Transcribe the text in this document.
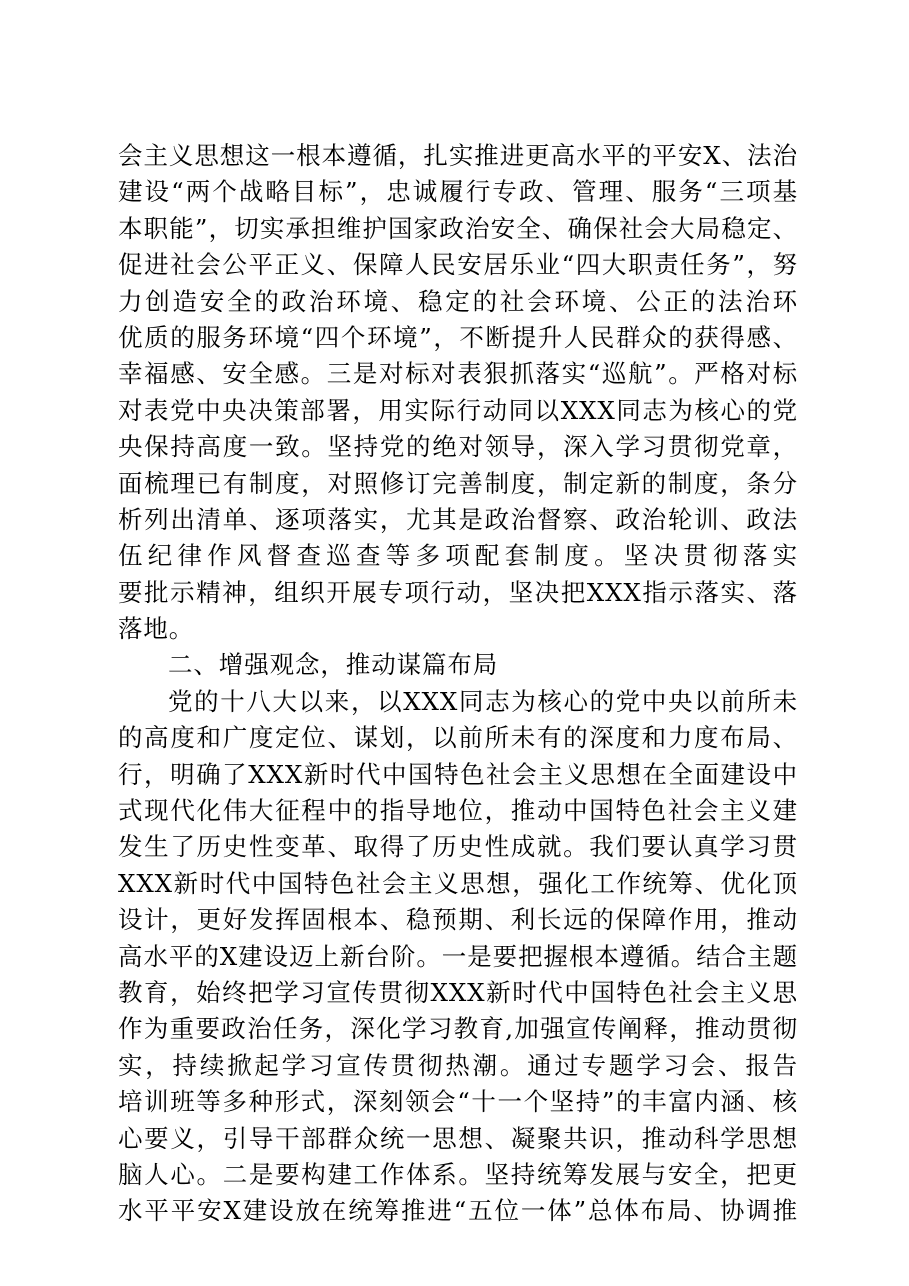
会主义思想这一根本遵循，扎实推进更高水平的平安X、法治
建设“两个战略目标”，忠诚履行专政、管理、服务“三项基
本职能”，切实承担维护国家政治安全、确保社会大局稳定、
促进社会公平正义、保障人民安居乐业“四大职责任务”，努
力创造安全的政治环境、稳定的社会环境、公正的法治环
优质的服务环境“四个环境”，不断提升人民群众的获得感、
幸福感、安全感。三是对标对表狠抓落实“巡航”。严格对标
对表党中央决策部署，用实际行动同以XXX同志为核心的党
央保持高度一致。坚持党的绝对领导，深入学习贯彻党章，
面梳理已有制度，对照修订完善制度，制定新的制度，条分
析列出清单、逐项落实，尤其是政治督察、政治轮训、政法
伍纪律作风督查巡查等多项配套制度。坚决贯彻落实
要批示精神，组织开展专项行动，坚决把XXX指示落实、落
落地。
二、增强观念，推动谋篇布局
党的十八大以来，以XXX同志为核心的党中央以前所未
的高度和广度定位、谋划，以前所未有的深度和力度布局、
行，明确了XXX新时代中国特色社会主义思想在全面建设中
式现代化伟大征程中的指导地位，推动中国特色社会主义建
发生了历史性变革、取得了历史性成就。我们要认真学习贯
XXX新时代中国特色社会主义思想，强化工作统筹、优化顶
设计，更好发挥固根本、稳预期、利长远的保障作用，推动
高水平的X建设迈上新台阶。一是要把握根本遵循。结合主题
教育，始终把学习宣传贯彻XXX新时代中国特色社会主义思
作为重要政治任务，深化学习教育,加强宣传阐释，推动贯彻
实，持续掀起学习宣传贯彻热潮。通过专题学习会、报告
培训班等多种形式，深刻领会“十一个坚持”的丰富内涵、核
心要义，引导干部群众统一思想、凝聚共识，推动科学思想
脑人心。二是要构建工作体系。坚持统筹发展与安全，把更
水平平安X建设放在统筹推进“五位一体”总体布局、协调推
